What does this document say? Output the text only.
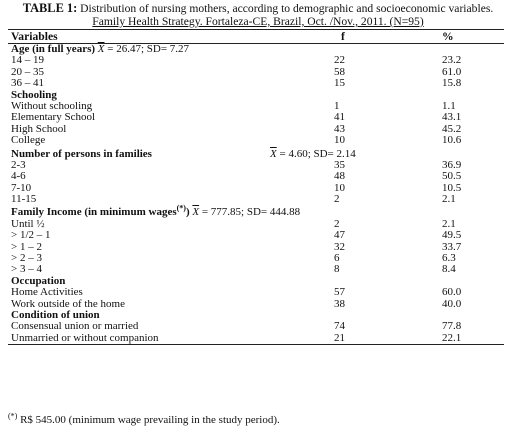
TABLE 1: Distribution of nursing mothers, according to demographic and socioeconomic variables.
Family Health Strategy. Fortaleza-CE, Brazil, Oct. /Nov., 2011. (N=95)
Variables	f	%
Age (in full years) $\overline{X} = 26.47$; SD= 7.27
14 – 19	22	23.2
20 – 35	58	61.0
36 – 41	15	15.8
Schooling
Without schooling	1	1.1
Elementary School	41	43.1
High School	43	45.2
College	10	10.6
Number of persons in families	$\overline{X} = 4.60$; SD= 2.14
2-3	35	36.9
4-6	48	50.5
7-10	10	10.5
11-15	2	2.1
Family Income (in minimum wages(*)) $\overline{X} = 777.85$; SD= 444.88
Until ½	2	2.1
> 1/2 – 1	47	49.5
> 1 – 2	32	33.7
> 2 – 3	6	6.3
> 3 – 4	8	8.4
Occupation
Home Activities	57	60.0
Work outside of the home	38	40.0
Condition of union
Consensual union or married	74	77.8
Unmarried or without companion	21	22.1
(*) R$ 545.00 (minimum wage prevailing in the study period).
